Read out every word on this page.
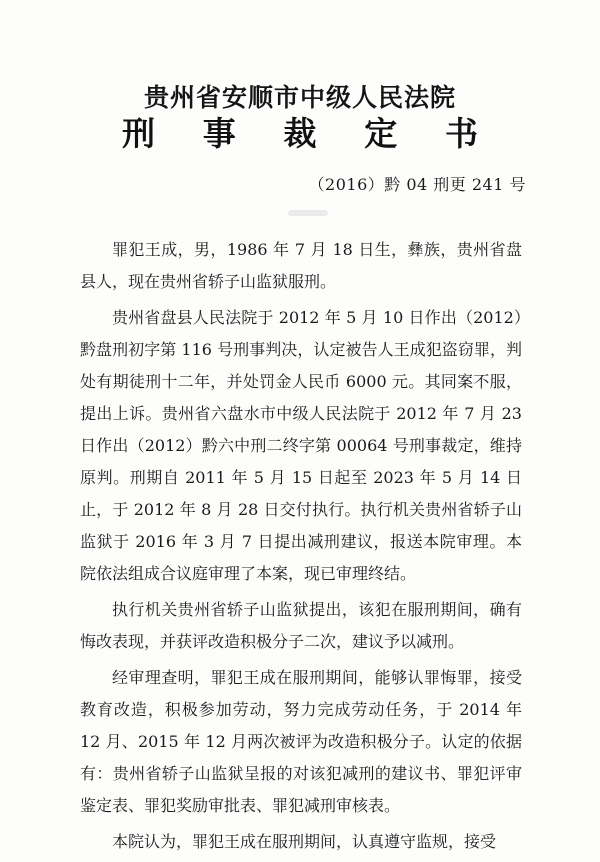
贵州省安顺市中级人民法院
刑 事 裁 定 书
（2016）黔 04 刑更 241 号

罪犯王成，男，1986 年 7 月 18 日生，彝族，贵州省盘县人，现在贵州省轿子山监狱服刑。

贵州省盘县人民法院于 2012 年 5 月 10 日作出（2012）黔盘刑初字第 116 号刑事判决，认定被告人王成犯盗窃罪，判处有期徒刑十二年，并处罚金人民币 6000 元。其同案不服，提出上诉。贵州省六盘水市中级人民法院于 2012 年 7 月 23 日作出（2012）黔六中刑二终字第 00064 号刑事裁定，维持原判。刑期自 2011 年 5 月 15 日起至 2023 年 5 月 14 日止，于 2012 年 8 月 28 日交付执行。执行机关贵州省轿子山监狱于 2016 年 3 月 7 日提出减刑建议，报送本院审理。本院依法组成合议庭审理了本案，现已审理终结。

执行机关贵州省轿子山监狱提出，该犯在服刑期间，确有悔改表现，并获评改造积极分子二次，建议予以减刑。

经审理查明，罪犯王成在服刑期间，能够认罪悔罪，接受教育改造，积极参加劳动，努力完成劳动任务，于 2014 年 12 月、2015 年 12 月两次被评为改造积极分子。认定的依据有：贵州省轿子山监狱呈报的对该犯减刑的建议书、罪犯评审鉴定表、罪犯奖励审批表、罪犯减刑审核表。

本院认为，罪犯王成在服刑期间，认真遵守监规，接受
